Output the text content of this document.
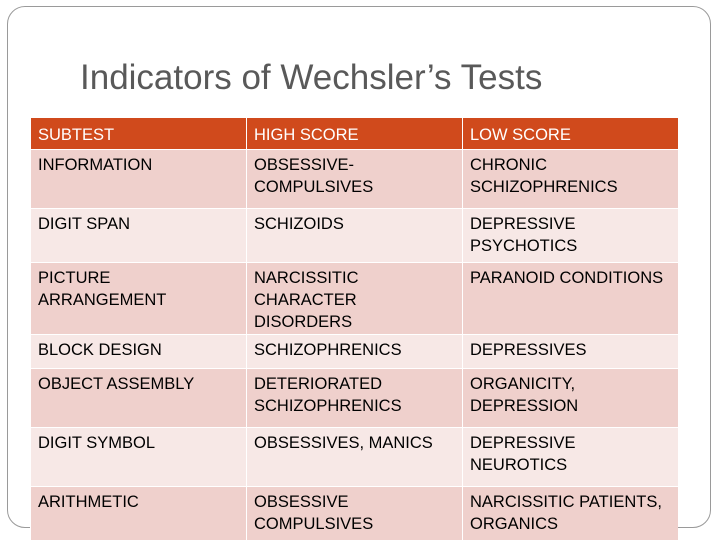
Indicators of Wechsler’s Tests
SUBTEST	HIGH SCORE	LOW SCORE
INFORMATION	OBSESSIVE-COMPULSIVES	CHRONIC SCHIZOPHRENICS
DIGIT SPAN	SCHIZOIDS	DEPRESSIVE PSYCHOTICS
PICTURE ARRANGEMENT	NARCISSITIC CHARACTER DISORDERS	PARANOID CONDITIONS
BLOCK DESIGN	SCHIZOPHRENICS	DEPRESSIVES
OBJECT ASSEMBLY	DETERIORATED SCHIZOPHRENICS	ORGANICITY, DEPRESSION
DIGIT SYMBOL	OBSESSIVES, MANICS	DEPRESSIVE NEUROTICS
ARITHMETIC	OBSESSIVE COMPULSIVES	NARCISSITIC PATIENTS, ORGANICS
